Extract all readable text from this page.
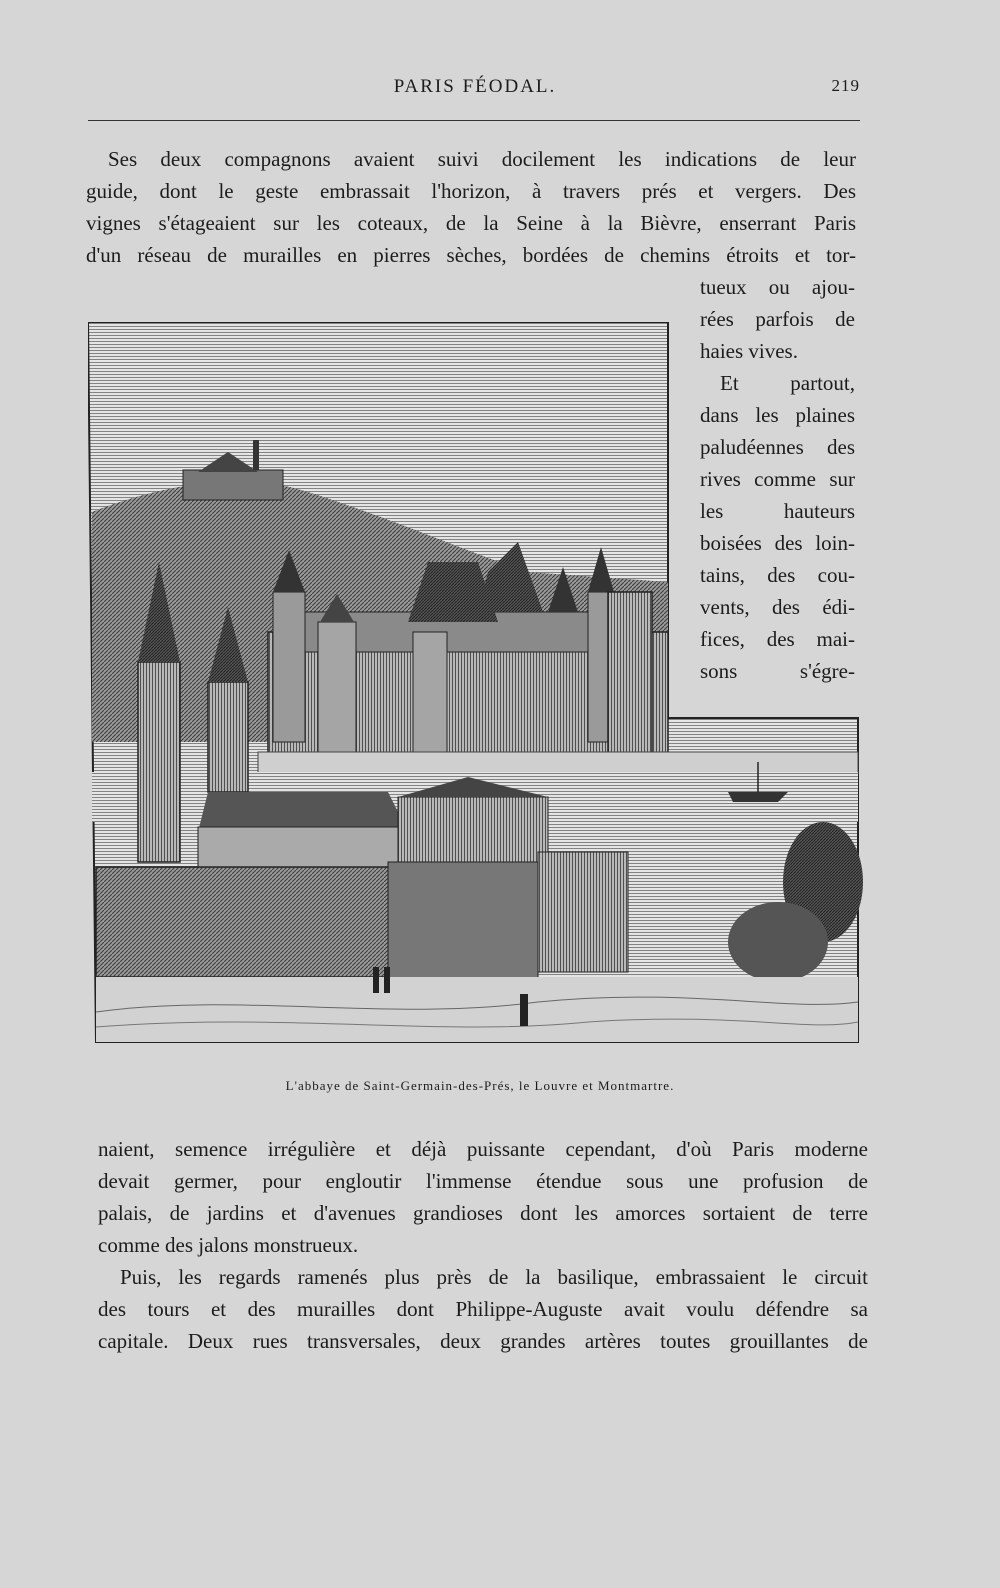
PARIS FÉODAL.	219
Ses deux compagnons avaient suivi docilement les indications de leur
guide, dont le geste embrassait l'horizon, à travers prés et vergers. Des
vignes s'étageaient sur les coteaux, de la Seine à la Bièvre, enserrant Paris
d'un réseau de murailles en pierres sèches, bordées de chemins étroits et tor-
tueux ou ajou-
rées parfois de
haies vives.
Et partout,
dans les plaines
paludéennes des
rives comme sur
les hauteurs
boisées des loin-
tains, des cou-
vents, des édi-
fices, des mai-
sons s'égre-
L'abbaye de Saint-Germain-des-Prés, le Louvre et Montmartre.
naient, semence irrégulière et déjà puissante cependant, d'où Paris moderne
devait germer, pour engloutir l'immense étendue sous une profusion de
palais, de jardins et d'avenues grandioses dont les amorces sortaient de terre
comme des jalons monstrueux.
Puis, les regards ramenés plus près de la basilique, embrassaient le circuit
des tours et des murailles dont Philippe-Auguste avait voulu défendre sa
capitale. Deux rues transversales, deux grandes artères toutes grouillantes de
